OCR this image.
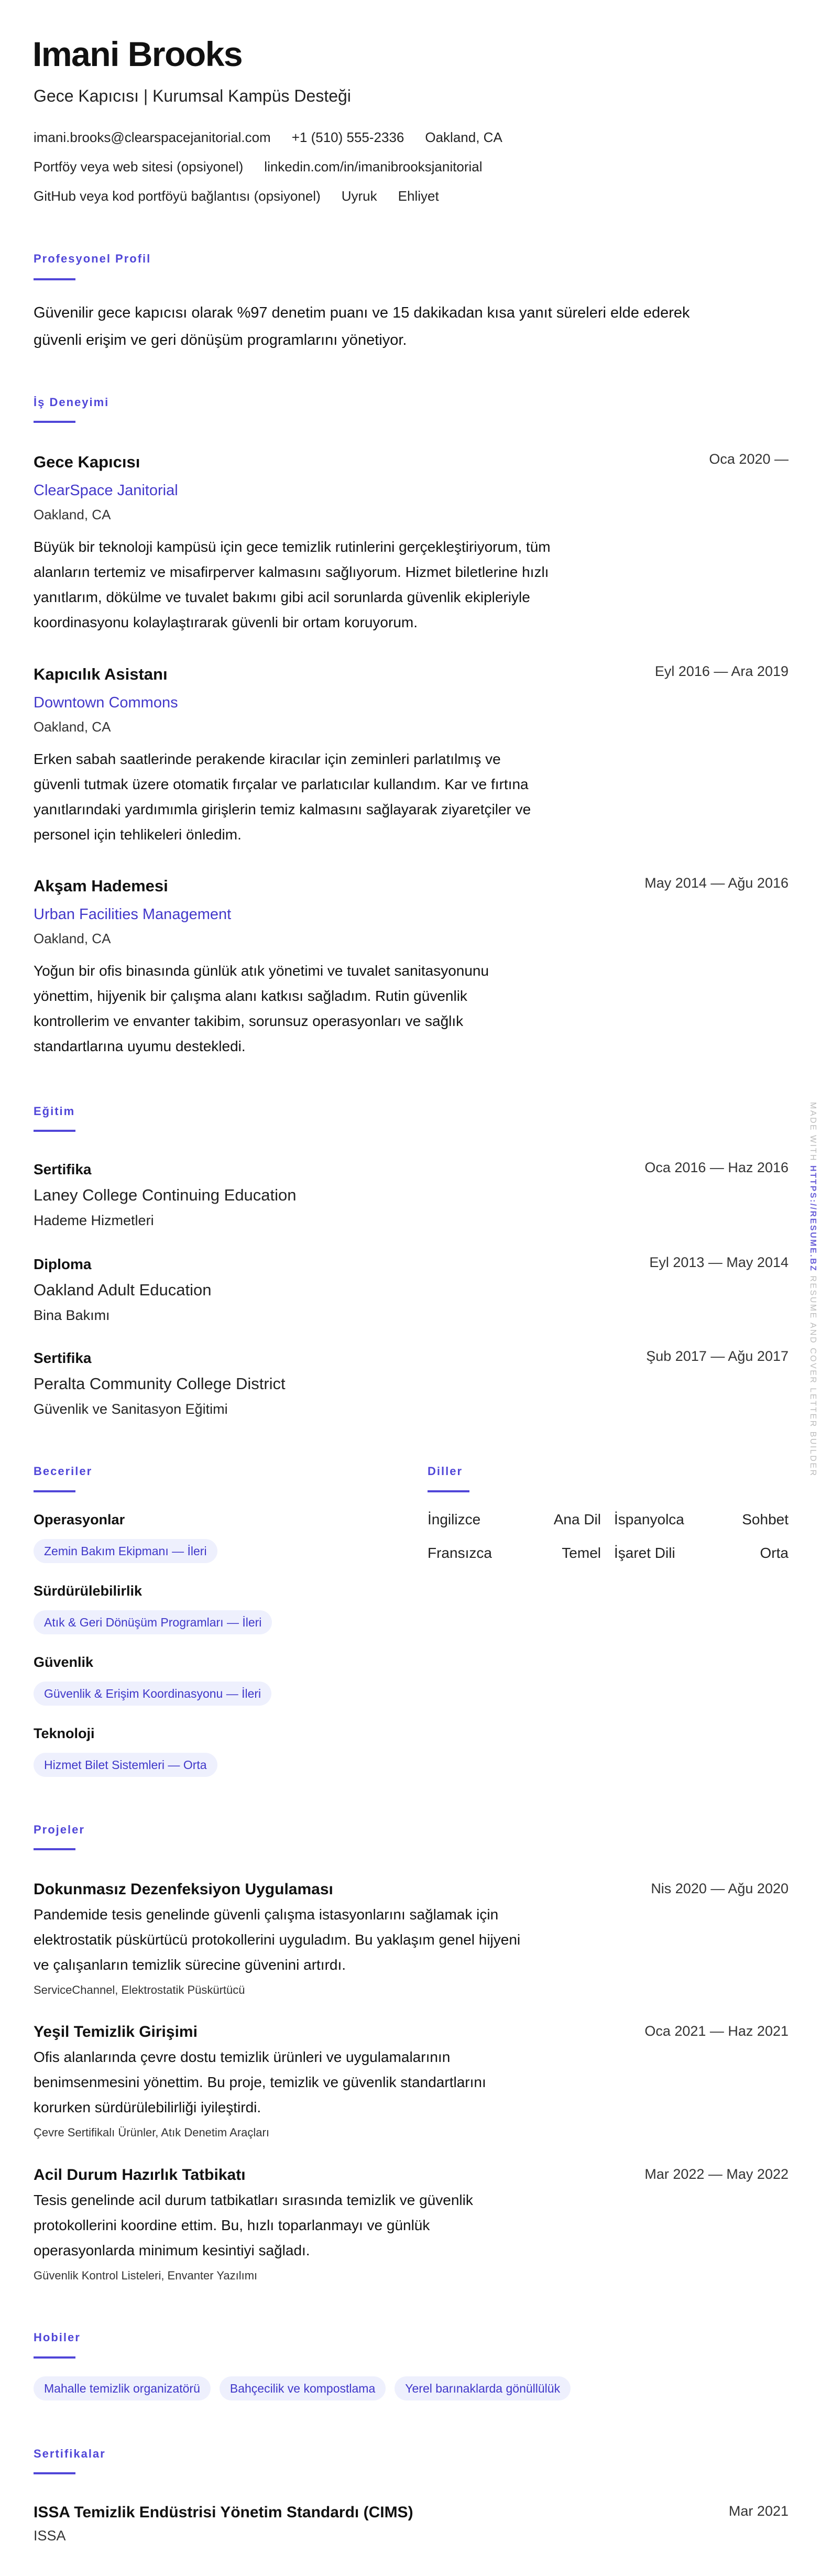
Imani Brooks
Gece Kapıcısı | Kurumsal Kampüs Desteği
imani.brooks@clearspacejanitorial.com +1 (510) 555-2336 Oakland, CA
Portföy veya web sitesi (opsiyonel) linkedin.com/in/imanibrooksjanitorial
GitHub veya kod portföyü bağlantısı (opsiyonel) Uyruk Ehliyet
Profesyonel Profil
Güvenilir gece kapıcısı olarak %97 denetim puanı ve 15 dakikadan kısa yanıt süreleri elde ederek
güvenli erişim ve geri dönüşüm programlarını yönetiyor.
İş Deneyimi
Eğitim
Beceriler	Diller
Projeler
Hobiler
Mahalle temizlik organizatörü	Bahçecilik ve kompostlama	Yerel barınaklarda gönüllülük
Sertifikalar
ISSA Temizlik Endüstrisi Yönetim Standardı (CIMS)	Mar 2021
ISSA
MADE WITH HTTPS://RESUME.BZ RESUME AND COVER LETTER BUILDER
Gece Kapıcısı	Oca 2020 —
ClearSpace Janitorial
Oakland, CA
Büyük bir teknoloji kampüsü için gece temizlik rutinlerini gerçekleştiriyorum, tüm
alanların tertemiz ve misafirperver kalmasını sağlıyorum. Hizmet biletlerine hızlı
yanıtlarım, dökülme ve tuvalet bakımı gibi acil sorunlarda güvenlik ekipleriyle
koordinasyonu kolaylaştırarak güvenli bir ortam koruyorum.
Kapıcılık Asistanı	Eyl 2016 — Ara 2019
Downtown Commons
Oakland, CA
Erken sabah saatlerinde perakende kiracılar için zeminleri parlatılmış ve
güvenli tutmak üzere otomatik fırçalar ve parlatıcılar kullandım. Kar ve fırtına
yanıtlarındaki yardımımla girişlerin temiz kalmasını sağlayarak ziyaretçiler ve
personel için tehlikeleri önledim.
Akşam Hademesi	May 2014 — Ağu 2016
Urban Facilities Management
Oakland, CA
Yoğun bir ofis binasında günlük atık yönetimi ve tuvalet sanitasyonunu
yönettim, hijyenik bir çalışma alanı katkısı sağladım. Rutin güvenlik
kontrollerim ve envanter takibim, sorunsuz operasyonları ve sağlık
standartlarına uyumu destekledi.
Sertifika	Oca 2016 — Haz 2016
Laney College Continuing Education
Hademe Hizmetleri
Diploma	Eyl 2013 — May 2014
Oakland Adult Education
Bina Bakımı
Sertifika	Şub 2017 — Ağu 2017
Peralta Community College District
Güvenlik ve Sanitasyon Eğitimi
Operasyonlar
Zemin Bakım Ekipmanı — İleri
Sürdürülebilirlik
Atık & Geri Dönüşüm Programları — İleri
Güvenlik
Güvenlik & Erişim Koordinasyonu — İleri
Teknoloji
Hizmet Bilet Sistemleri — Orta
İngilizce	Ana Dil
Fransızca	Temel
İspanyolca	Sohbet
İşaret Dili	Orta
Dokunmasız Dezenfeksiyon Uygulaması	Nis 2020 — Ağu 2020
Pandemide tesis genelinde güvenli çalışma istasyonlarını sağlamak için
elektrostatik püskürtücü protokollerini uyguladım. Bu yaklaşım genel hijyeni
ve çalışanların temizlik sürecine güvenini artırdı.
ServiceChannel, Elektrostatik Püskürtücü
Yeşil Temizlik Girişimi	Oca 2021 — Haz 2021
Ofis alanlarında çevre dostu temizlik ürünleri ve uygulamalarının
benimsenmesini yönettim. Bu proje, temizlik ve güvenlik standartlarını
korurken sürdürülebilirliği iyileştirdi.
Çevre Sertifikalı Ürünler, Atık Denetim Araçları
Acil Durum Hazırlık Tatbikatı	Mar 2022 — May 2022
Tesis genelinde acil durum tatbikatları sırasında temizlik ve güvenlik
protokollerini koordine ettim. Bu, hızlı toparlanmayı ve günlük
operasyonlarda minimum kesintiyi sağladı.
Güvenlik Kontrol Listeleri, Envanter Yazılımı
